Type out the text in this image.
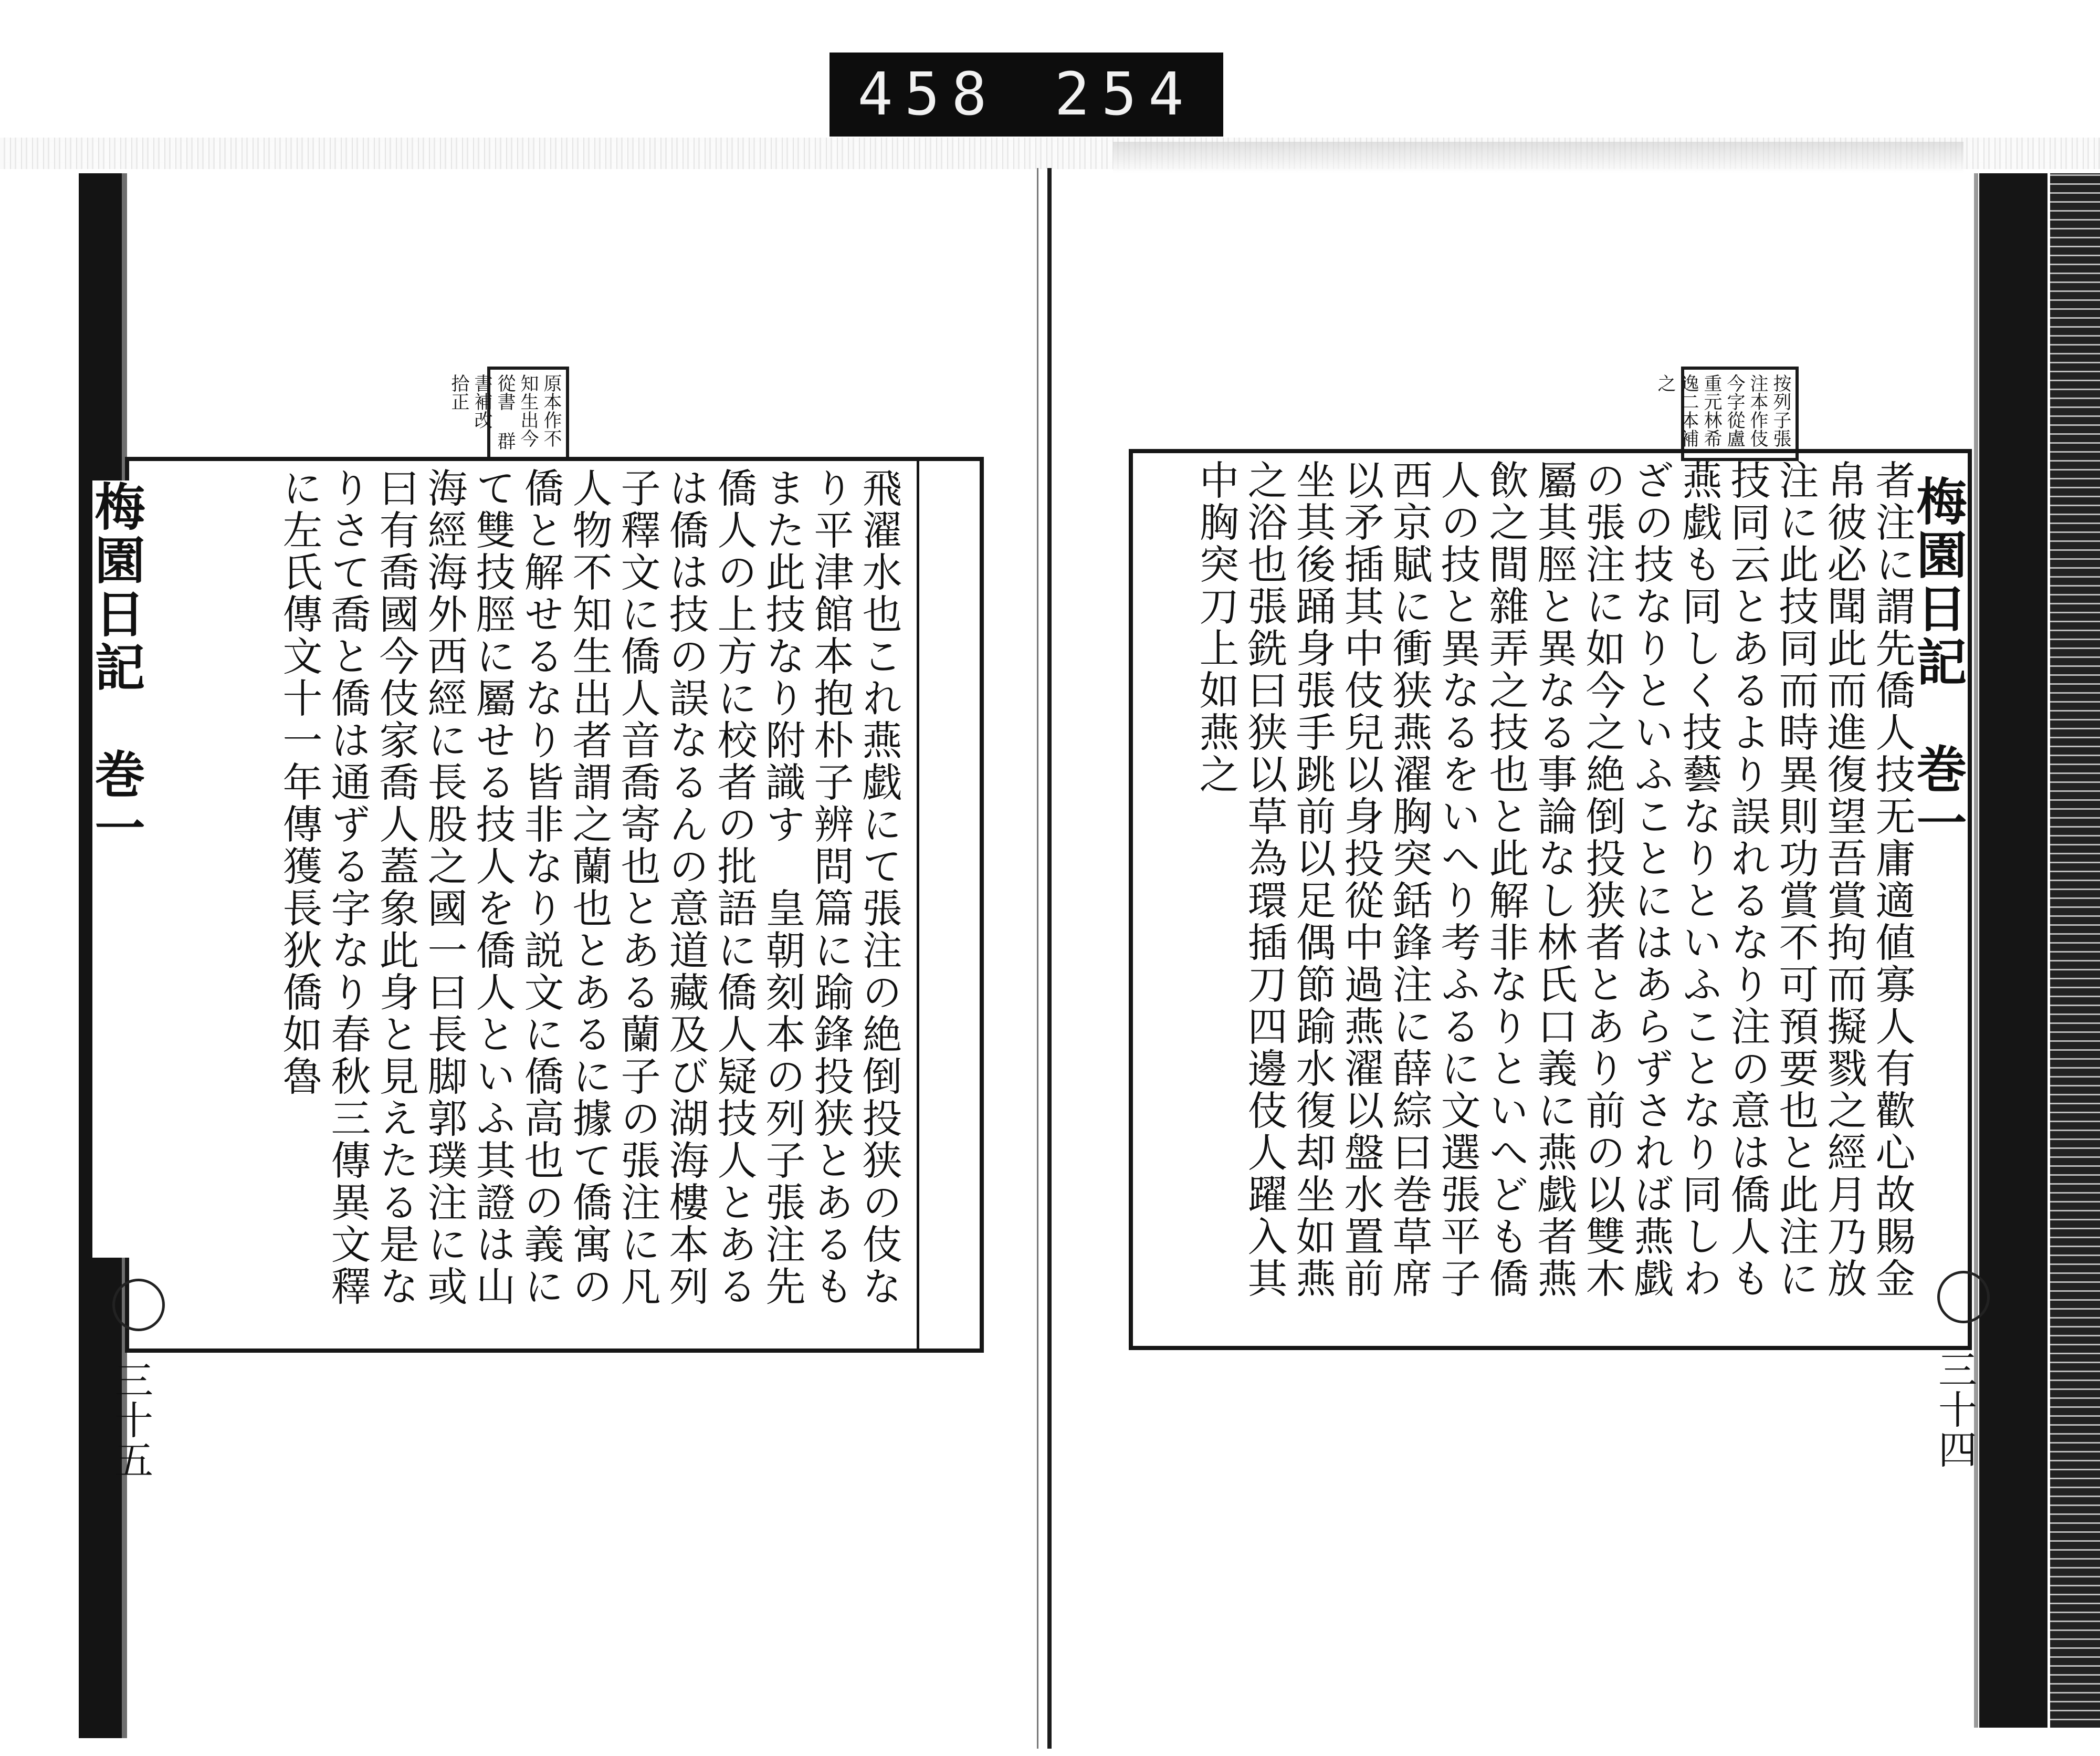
458 254
原本作不知生出今從書 群書補改 拾正
飛濯水也これ燕戯にて張注の絶倒投狭の伎なり平津館本抱朴子辨問篇に踰鋒投狭とあるもまた此技なり附識す　皇朝刻本の列子張注先僑人の上方に校者の批語に僑人疑技人とあるは僑は技の誤なるんの意道藏及び湖海樓本列子釋文に僑人音喬寄也とある蘭子の張注に凡人物不知生出者謂之蘭也とあるに據て僑寓の僑と解せるなり皆非なり説文に僑高也の義にて雙技脛に屬せる技人を僑人といふ其證は山海經海外西經に長股之國一曰長脚郭璞注に或曰有喬國今伎家喬人蓋象此身と見えたる是なりさて喬と僑は通ずる字なり春秋三傳異文釋に左氏傳文十一年傳獲長狄僑如魯
梅園日記　巻一
三十五
按列子張注本作伎今字從盧重元林希逸二本補之
者注に謂先僑人技无庸適値寡人有歡心故賜金帛彼必聞此而進復望吾賞拘而擬戮之經月乃放注に此技同而時異則功賞不可預要也と此注に技同云とあるより誤れるなり注の意は僑人も燕戯も同しく技藝なりといふことなり同しわざの技なりといふことにはあらずされば燕戯の張注に如今之絶倒投狭者とあり前の以雙木屬其脛と異なる事論なし林氏口義に燕戯者燕飲之間雜弄之技也と此解非なりといへども僑人の技と異なるをいへり考ふるに文選張平子西京賦に衝狭燕濯胸突銛鋒注に薛綜曰巻草席以矛插其中伎兒以身投從中過燕濯以盤水置前坐其後踊身張手跳前以足偶節踰水復却坐如燕之浴也張銑曰狭以草為環插刀四邊伎人躍入其中胸突刀上如燕之	梅園日記　巻一
三十四
